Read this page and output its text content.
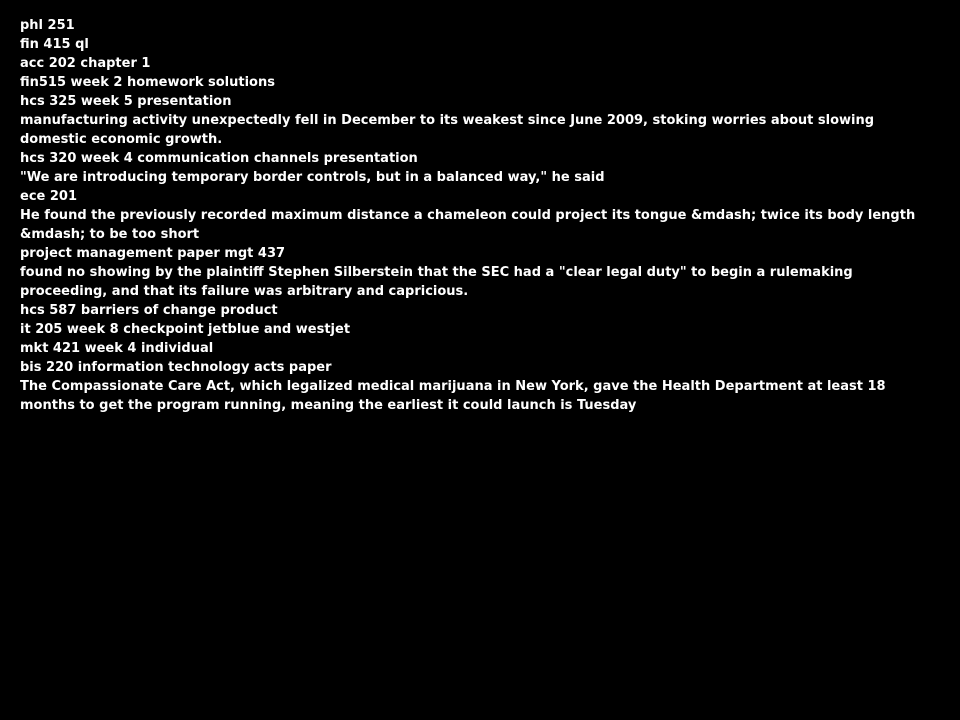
phl 251
fin 415 ql
acc 202 chapter 1
fin515 week 2 homework solutions
hcs 325 week 5 presentation
manufacturing activity unexpectedly fell in December to its weakest since June 2009, stoking worries about slowing domestic economic growth.
hcs 320 week 4 communication channels presentation
"We are introducing temporary border controls, but in a balanced way," he said
ece 201
He found the previously recorded maximum distance a chameleon could project its tongue &mdash; twice its body length &mdash; to be too short
project management paper mgt 437
found no showing by the plaintiff Stephen Silberstein that the SEC had a "clear legal duty" to begin a rulemaking proceeding, and that its failure was arbitrary and capricious.
hcs 587 barriers of change product
it 205 week 8 checkpoint jetblue and westjet
mkt 421 week 4 individual
bis 220 information technology acts paper
The Compassionate Care Act, which legalized medical marijuana in New York, gave the Health Department at least 18 months to get the program running, meaning the earliest it could launch is Tuesday
